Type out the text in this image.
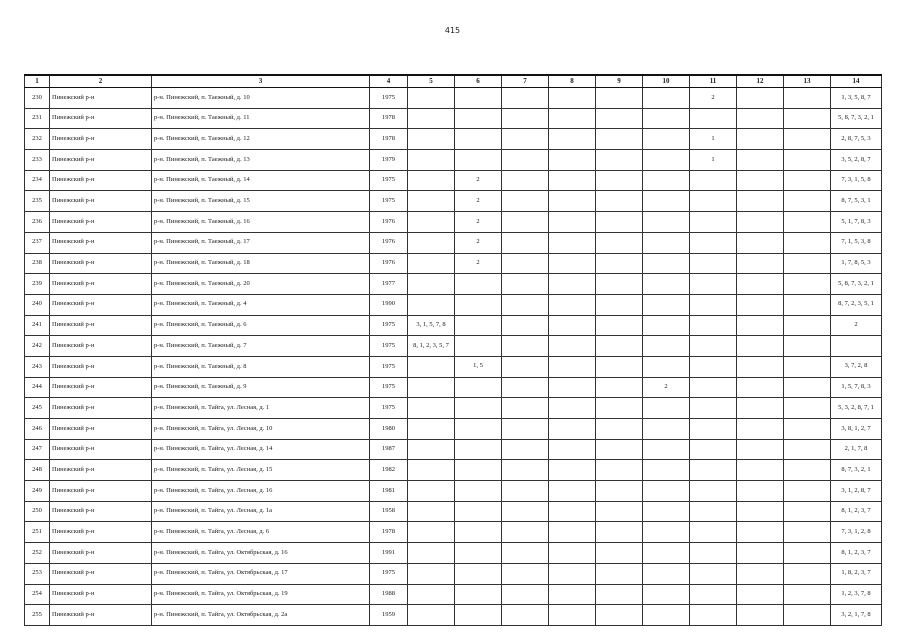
415
1	2	3	4	5	6	7	8	9	10	11	12	13	14
230	Пинежский р-н	р-н. Пинежский, п. Таежный, д. 10	1975							2			1, 3, 5, 8, 7
231	Пинежский р-н	р-н. Пинежский, п. Таежный, д. 11	1978										5, 8, 7, 3, 2, 1
232	Пинежский р-н	р-н. Пинежский, п. Таежный, д. 12	1978							1			2, 8, 7, 5, 3
233	Пинежский р-н	р-н. Пинежский, п. Таежный, д. 13	1979							1			3, 5, 2, 8, 7
234	Пинежский р-н	р-н. Пинежский, п. Таежный, д. 14	1975		2								7, 3, 1, 5, 8
235	Пинежский р-н	р-н. Пинежский, п. Таежный, д. 15	1975		2								8, 7, 5, 3, 1
236	Пинежский р-н	р-н. Пинежский, п. Таежный, д. 16	1976		2								5, 1, 7, 8, 3
237	Пинежский р-н	р-н. Пинежский, п. Таежный, д. 17	1976		2								7, 1, 5, 3, 8
238	Пинежский р-н	р-н. Пинежский, п. Таежный, д. 18	1976		2								1, 7, 8, 5, 3
239	Пинежский р-н	р-н. Пинежский, п. Таежный, д. 20	1977										5, 8, 7, 3, 2, 1
240	Пинежский р-н	р-н. Пинежский, п. Таежный, д. 4	1990										8, 7, 2, 3, 5, 1
241	Пинежский р-н	р-н. Пинежский, п. Таежный, д. 6	1975	3, 1, 5, 7, 8									2
242	Пинежский р-н	р-н. Пинежский, п. Таежный, д. 7	1975	8, 1, 2, 3, 5, 7									
243	Пинежский р-н	р-н. Пинежский, п. Таежный, д. 8	1975		1, 5								3, 7, 2, 8
244	Пинежский р-н	р-н. Пинежский, п. Таежный, д. 9	1975						2				1, 5, 7, 8, 3
245	Пинежский р-н	р-н. Пинежский, п. Тайга, ул. Лесная, д. 1	1975										5, 3, 2, 8, 7, 1
246	Пинежский р-н	р-н. Пинежский, п. Тайга, ул. Лесная, д. 10	1980										3, 8, 1, 2, 7
247	Пинежский р-н	р-н. Пинежский, п. Тайга, ул. Лесная, д. 14	1987										2, 1, 7, 8
248	Пинежский р-н	р-н. Пинежский, п. Тайга, ул. Лесная, д. 15	1982										8, 7, 3, 2, 1
249	Пинежский р-н	р-н. Пинежский, п. Тайга, ул. Лесная, д. 16	1981										3, 1, 2, 8, 7
250	Пинежский р-н	р-н. Пинежский, п. Тайга, ул. Лесная, д. 1а	1958										8, 1, 2, 3, 7
251	Пинежский р-н	р-н. Пинежский, п. Тайга, ул. Лесная, д. 6	1978										7, 3, 1, 2, 8
252	Пинежский р-н	р-н. Пинежский, п. Тайга, ул. Октябрьская, д. 16	1991										8, 1, 2, 3, 7
253	Пинежский р-н	р-н. Пинежский, п. Тайга, ул. Октябрьская, д. 17	1975										1, 8, 2, 3, 7
254	Пинежский р-н	р-н. Пинежский, п. Тайга, ул. Октябрьская, д. 19	1988										1, 2, 3, 7, 8
255	Пинежский р-н	р-н. Пинежский, п. Тайга, ул. Октябрьская, д. 2а	1959										3, 2, 1, 7, 8
